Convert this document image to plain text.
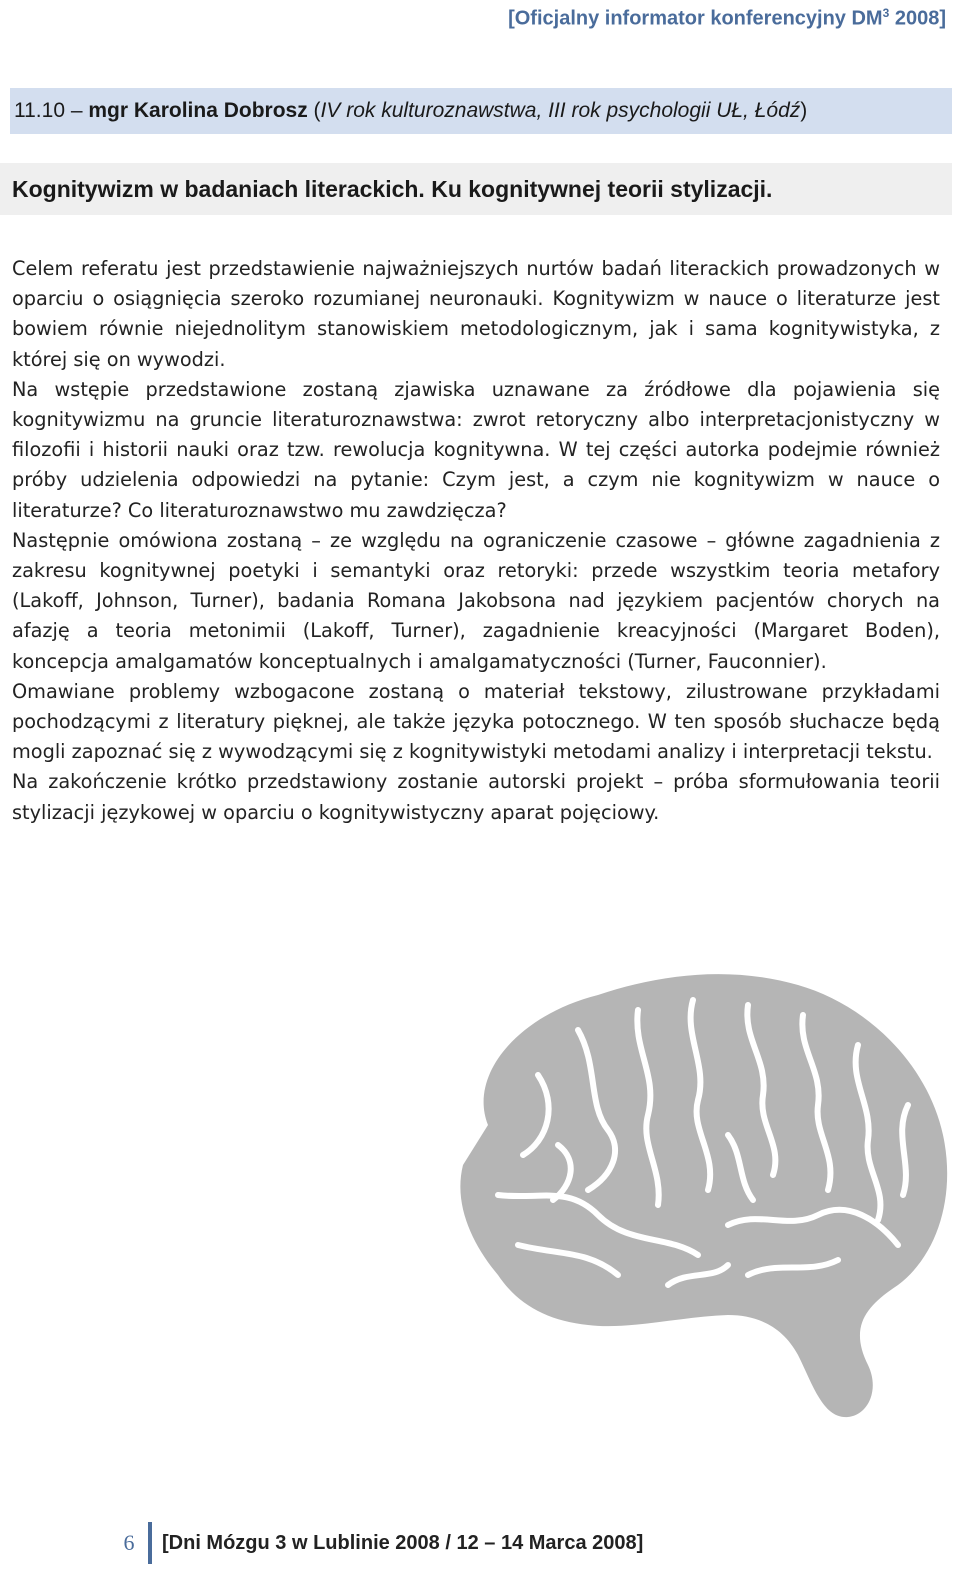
[Oficjalny informator konferencyjny $DM^3$ 2008]
11.10 – mgr Karolina Dobrosz (IV rok kulturoznawstwa, III rok psychologii UŁ, Łódź)
Kognitywizm w badaniach literackich. Ku kognitywnej teorii stylizacji.

Celem referatu jest przedstawienie najważniejszych nurtów badań literackich prowadzonych w oparciu o osiągnięcia szeroko rozumianej neuronauki. Kognitywizm w nauce o literaturze jest bowiem równie niejednolitym stanowiskiem metodologicznym, jak i sama kognitywistyka, z której się on wywodzi.

Na wstępie przedstawione zostaną zjawiska uznawane za źródłowe dla pojawienia się kognitywizmu na gruncie literaturoznawstwa: zwrot retoryczny albo interpretacjonistyczny w filozofii i historii nauki oraz tzw. rewolucja kognitywna. W tej części autorka podejmie również próby udzielenia odpowiedzi na pytanie: Czym jest, a czym nie kognitywizm w nauce o literaturze? Co literaturoznawstwo mu zawdzięcza?

Następnie omówiona zostaną – ze względu na ograniczenie czasowe – główne zagadnienia z zakresu kognitywnej poetyki i semantyki oraz retoryki: przede wszystkim teoria metafory (Lakoff, Johnson, Turner), badania Romana Jakobsona nad językiem pacjentów chorych na afazję a teoria metonimii (Lakoff, Turner), zagadnienie kreacyjności (Margaret Boden), koncepcja amalgamatów konceptualnych i amalgamatyczności (Turner, Fauconnier).

Omawiane problemy wzbogacone zostaną o materiał tekstowy, zilustrowane przykładami pochodzącymi z literatury pięknej, ale także języka potocznego. W ten sposób słuchacze będą mogli zapoznać się z wywodzącymi się z kognitywistyki metodami analizy i interpretacji tekstu.

Na zakończenie krótko przedstawiony zostanie autorski projekt – próba sformułowania teorii stylizacji językowej w oparciu o kognitywistyczny aparat pojęciowy.

6 [Dni Mózgu 3 w Lublinie 2008 / 12 – 14 Marca 2008]
